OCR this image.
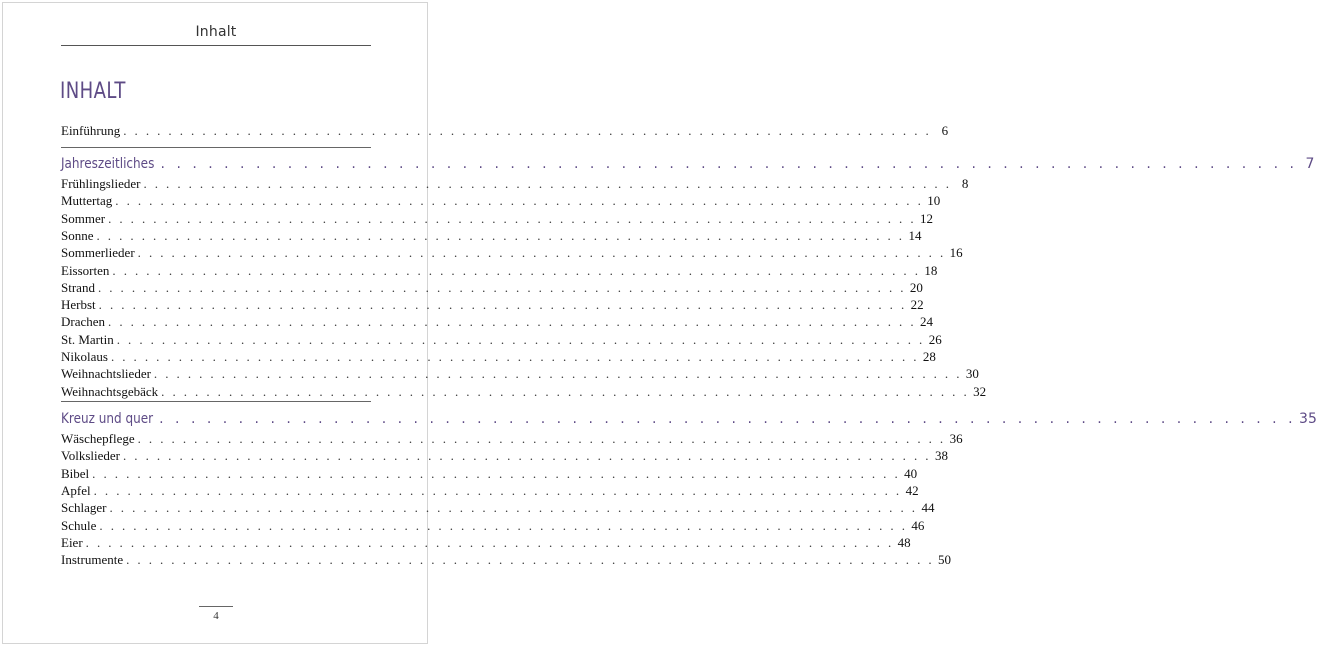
Inhalt
INHALT
Einführung . . . . . . . . . . . . . . . . . . . . . . . . . . . . . . . . . . . . . . . . . . . . . . . . . . . . . . . . . . . . . . . . . . . . . . . . 6
Jahreszeitliches . . . . . . . . . . . . . . . . . . . . . . . . . . . . . . . . . . . . . . . . . . . . . . . . . . . . . . . . . . . . . . . . . . . . . . . . 7
Frühlingslieder . . . . . . . . . . . . . . . . . . . . . . . . . . . . . . . . . . . . . . . . . . . . . . . . . . . . . . . . . . . . . . . . . . . . . . . . 8
Muttertag . . . . . . . . . . . . . . . . . . . . . . . . . . . . . . . . . . . . . . . . . . . . . . . . . . . . . . . . . . . . . . . . . . . . . . . . 10
Sommer . . . . . . . . . . . . . . . . . . . . . . . . . . . . . . . . . . . . . . . . . . . . . . . . . . . . . . . . . . . . . . . . . . . . . . . . 12
Sonne . . . . . . . . . . . . . . . . . . . . . . . . . . . . . . . . . . . . . . . . . . . . . . . . . . . . . . . . . . . . . . . . . . . . . . . . 14
Sommerlieder . . . . . . . . . . . . . . . . . . . . . . . . . . . . . . . . . . . . . . . . . . . . . . . . . . . . . . . . . . . . . . . . . . . . . . . . 16
Eissorten . . . . . . . . . . . . . . . . . . . . . . . . . . . . . . . . . . . . . . . . . . . . . . . . . . . . . . . . . . . . . . . . . . . . . . . . 18
Strand . . . . . . . . . . . . . . . . . . . . . . . . . . . . . . . . . . . . . . . . . . . . . . . . . . . . . . . . . . . . . . . . . . . . . . . . 20
Herbst . . . . . . . . . . . . . . . . . . . . . . . . . . . . . . . . . . . . . . . . . . . . . . . . . . . . . . . . . . . . . . . . . . . . . . . . 22
Drachen . . . . . . . . . . . . . . . . . . . . . . . . . . . . . . . . . . . . . . . . . . . . . . . . . . . . . . . . . . . . . . . . . . . . . . . . 24
St. Martin . . . . . . . . . . . . . . . . . . . . . . . . . . . . . . . . . . . . . . . . . . . . . . . . . . . . . . . . . . . . . . . . . . . . . . . . 26
Nikolaus . . . . . . . . . . . . . . . . . . . . . . . . . . . . . . . . . . . . . . . . . . . . . . . . . . . . . . . . . . . . . . . . . . . . . . . . 28
Weihnachtslieder . . . . . . . . . . . . . . . . . . . . . . . . . . . . . . . . . . . . . . . . . . . . . . . . . . . . . . . . . . . . . . . . . . . . . . . . 30
Weihnachtsgebäck . . . . . . . . . . . . . . . . . . . . . . . . . . . . . . . . . . . . . . . . . . . . . . . . . . . . . . . . . . . . . . . . . . . . . . . . 32
Kreuz und quer . . . . . . . . . . . . . . . . . . . . . . . . . . . . . . . . . . . . . . . . . . . . . . . . . . . . . . . . . . . . . . . . . . . . . . . . 35
Wäschepflege . . . . . . . . . . . . . . . . . . . . . . . . . . . . . . . . . . . . . . . . . . . . . . . . . . . . . . . . . . . . . . . . . . . . . . . . 36
Volkslieder . . . . . . . . . . . . . . . . . . . . . . . . . . . . . . . . . . . . . . . . . . . . . . . . . . . . . . . . . . . . . . . . . . . . . . . . 38
Bibel . . . . . . . . . . . . . . . . . . . . . . . . . . . . . . . . . . . . . . . . . . . . . . . . . . . . . . . . . . . . . . . . . . . . . . . . 40
Apfel . . . . . . . . . . . . . . . . . . . . . . . . . . . . . . . . . . . . . . . . . . . . . . . . . . . . . . . . . . . . . . . . . . . . . . . . 42
Schlager . . . . . . . . . . . . . . . . . . . . . . . . . . . . . . . . . . . . . . . . . . . . . . . . . . . . . . . . . . . . . . . . . . . . . . . . 44
Schule . . . . . . . . . . . . . . . . . . . . . . . . . . . . . . . . . . . . . . . . . . . . . . . . . . . . . . . . . . . . . . . . . . . . . . . . 46
Eier . . . . . . . . . . . . . . . . . . . . . . . . . . . . . . . . . . . . . . . . . . . . . . . . . . . . . . . . . . . . . . . . . . . . . . . . 48
Instrumente . . . . . . . . . . . . . . . . . . . . . . . . . . . . . . . . . . . . . . . . . . . . . . . . . . . . . . . . . . . . . . . . . . . . . . . . 50
4
